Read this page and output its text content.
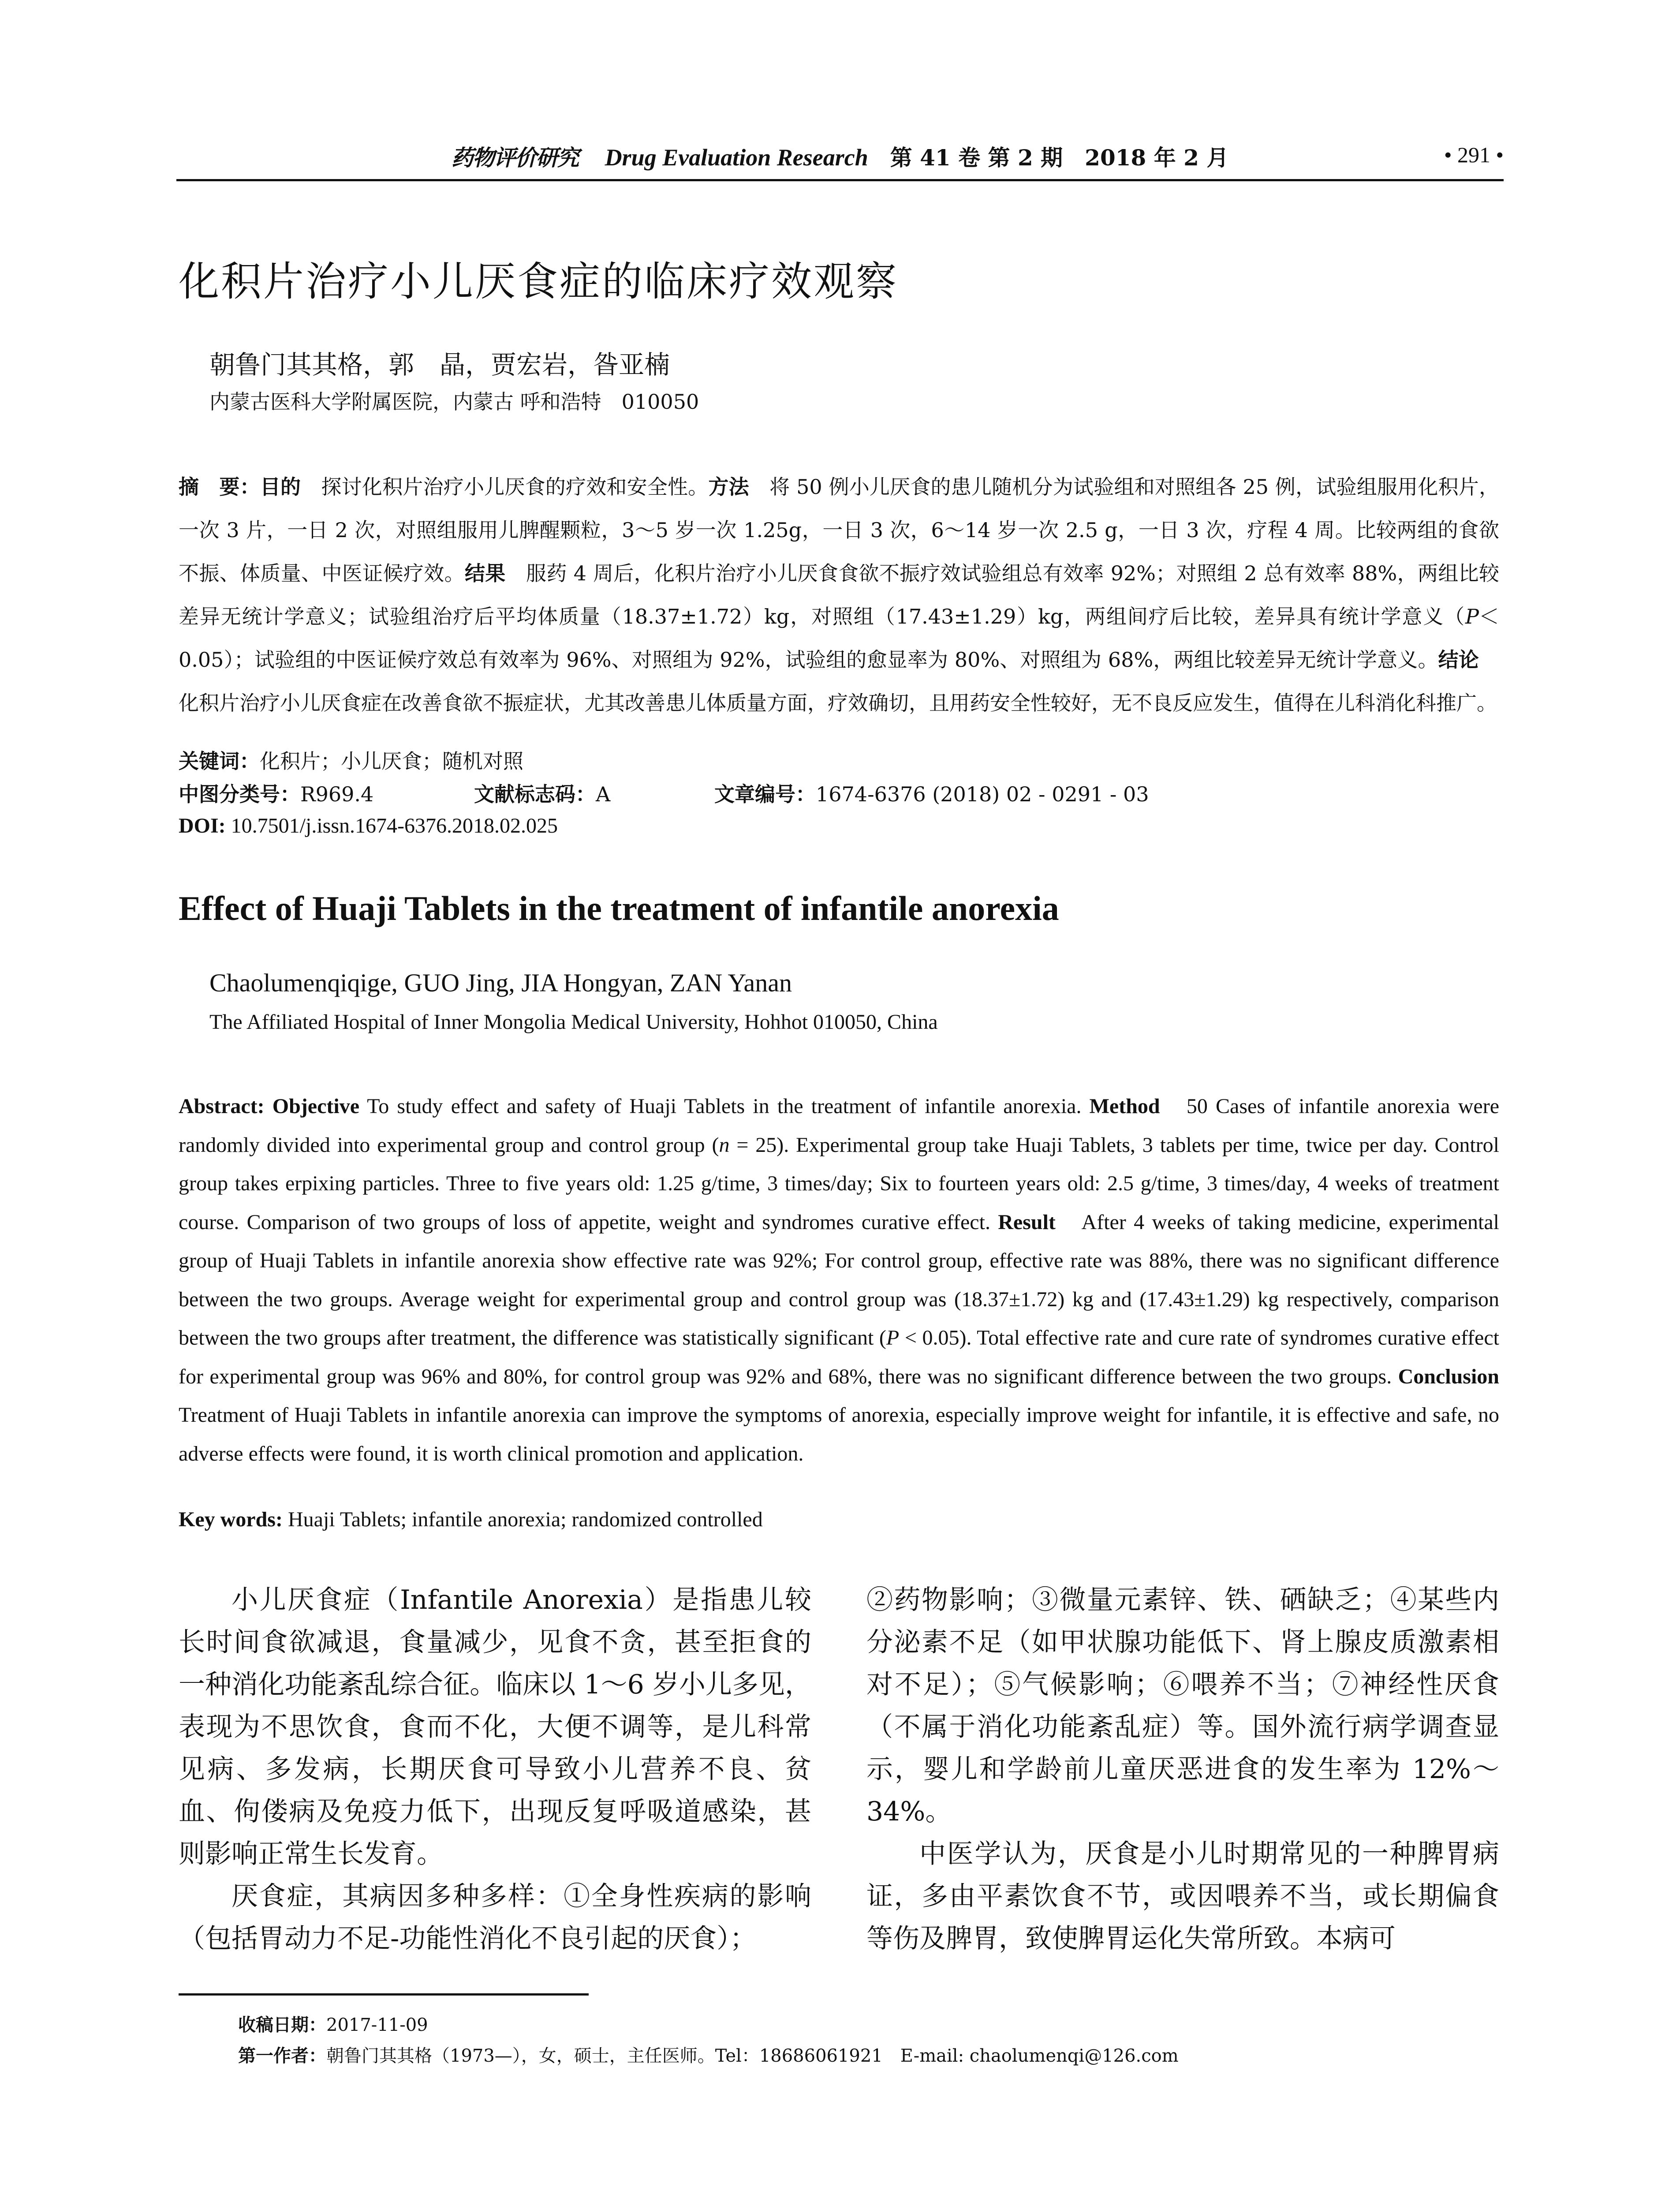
药物评价研究 Drug Evaluation Research 第 41 卷 第 2 期　2018 年 2 月	• 291 •
化积片治疗小儿厌食症的临床疗效观察
朝鲁门其其格，郭　晶，贾宏岩，昝亚楠
内蒙古医科大学附属医院，内蒙古 呼和浩特　010050
摘　要：目的　探讨化积片治疗小儿厌食的疗效和安全性。方法　将 50 例小儿厌食的患儿随机分为试验组和对照组各 25 例，试验组服用化积片，一次 3 片，一日 2 次，对照组服用儿脾醒颗粒，3～5 岁一次 1.25g，一日 3 次，6～14 岁一次 2.5 g，一日 3 次，疗程 4 周。比较两组的食欲不振、体质量、中医证候疗效。结果　服药 4 周后，化积片治疗小儿厌食食欲不振疗效试验组总有效率 92%；对照组 2 总有效率 88%，两组比较差异无统计学意义；试验组治疗后平均体质量（18.37±1.72）kg，对照组（17.43±1.29）kg，两组间疗后比较，差异具有统计学意义（P＜0.05）；试验组的中医证候疗效总有效率为 96%、对照组为 92%，试验组的愈显率为 80%、对照组为 68%，两组比较差异无统计学意义。结论　化积片治疗小儿厌食症在改善食欲不振症状，尤其改善患儿体质量方面，疗效确切，且用药安全性较好，无不良反应发生，值得在儿科消化科推广。
关键词：化积片；小儿厌食；随机对照
中图分类号：R969.4	文献标志码：A	文章编号：1674-6376 (2018) 02 - 0291 - 03
DOI: 10.7501/j.issn.1674-6376.2018.02.025
Effect of Huaji Tablets in the treatment of infantile anorexia
Chaolumenqiqige, GUO Jing, JIA Hongyan, ZAN Yanan
The Affiliated Hospital of Inner Mongolia Medical University, Hohhot 010050, China
Abstract: Objective To study effect and safety of Huaji Tablets in the treatment of infantile anorexia. Method　50 Cases of infantile anorexia were randomly divided into experimental group and control group (n = 25). Experimental group take Huaji Tablets, 3 tablets per time, twice per day. Control group takes erpixing particles. Three to five years old: 1.25 g/time, 3 times/day; Six to fourteen years old: 2.5 g/time, 3 times/day, 4 weeks of treatment course. Comparison of two groups of loss of appetite, weight and syndromes curative effect. Result　After 4 weeks of taking medicine, experimental group of Huaji Tablets in infantile anorexia show effective rate was 92%; For control group, effective rate was 88%, there was no significant difference between the two groups. Average weight for experimental group and control group was (18.37±1.72) kg and (17.43±1.29) kg respectively, comparison between the two groups after treatment, the difference was statistically significant (P < 0.05). Total effective rate and cure rate of syndromes curative effect for experimental group was 96% and 80%, for control group was 92% and 68%, there was no significant difference between the two groups. Conclusion Treatment of Huaji Tablets in infantile anorexia can improve the symptoms of anorexia, especially improve weight for infantile, it is effective and safe, no adverse effects were found, it is worth clinical promotion and application.
Key words: Huaji Tablets; infantile anorexia; randomized controlled

小儿厌食症（Infantile Anorexia）是指患儿较长时间食欲减退，食量减少，见食不贪，甚至拒食的一种消化功能紊乱综合征。临床以 1～6 岁小儿多见，表现为不思饮食，食而不化，大便不调等，是儿科常见病、多发病，长期厌食可导致小儿营养不良、贫血、佝偻病及免疫力低下，出现反复呼吸道感染，甚则影响正常生长发育。

厌食症，其病因多种多样：①全身性疾病的影响（包括胃动力不足-功能性消化不良引起的厌食）；

②药物影响；③微量元素锌、铁、硒缺乏；④某些内分泌素不足（如甲状腺功能低下、肾上腺皮质激素相对不足）；⑤气候影响；⑥喂养不当；⑦神经性厌食（不属于消化功能紊乱症）等。国外流行病学调查显示，婴儿和学龄前儿童厌恶进食的发生率为 12%～34%。

中医学认为，厌食是小儿时期常见的一种脾胃病证，多由平素饮食不节，或因喂养不当，或长期偏食等伤及脾胃，致使脾胃运化失常所致。本病可

收稿日期：2017-11-09
第一作者：朝鲁门其其格（1973—），女，硕士，主任医师。Tel：18686061921　E-mail: chaolumenqi@126.com
